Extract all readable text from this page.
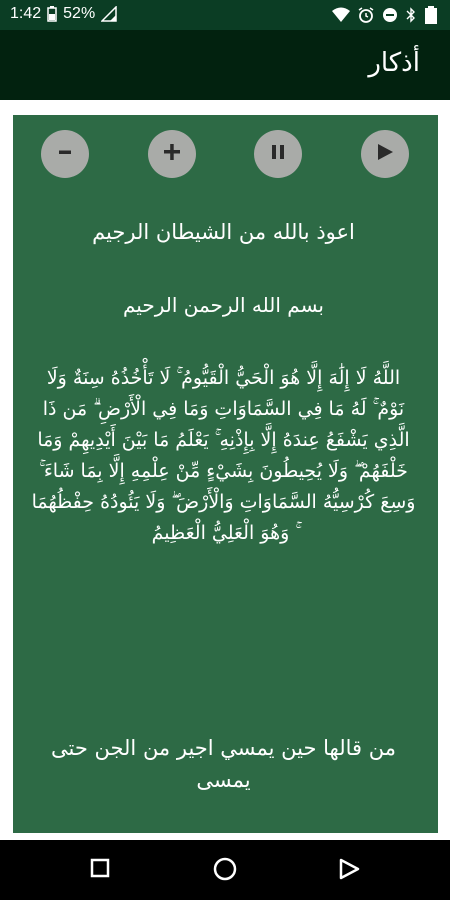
1:42 52%
أذكار
اعوذ بالله من الشيطان الرجيم
بسم الله الرحمن الرحيم
اللَّهُ لَا إِلَٰهَ إِلَّا هُوَ الْحَيُّ الْقَيُّومُ ۚ لَا تَأْخُذُهُ سِنَةٌ وَلَا نَوْمٌ ۚ لَهُ مَا فِي السَّمَاوَاتِ وَمَا فِي الْأَرْضِ ۗ مَن ذَا الَّذِي يَشْفَعُ عِندَهُ إِلَّا بِإِذْنِهِ ۚ يَعْلَمُ مَا بَيْنَ أَيْدِيهِمْ وَمَا خَلْفَهُمْ ۖ وَلَا يُحِيطُونَ بِشَيْءٍ مِّنْ عِلْمِهِ إِلَّا بِمَا شَاءَ ۚ وَسِعَ كُرْسِيُّهُ السَّمَاوَاتِ وَالْأَرْضَ ۖ وَلَا يَئُودُهُ حِفْظُهُمَا ۚ وَهُوَ الْعَلِيُّ الْعَظِيمُ
من قالها حين يمسي اجير من الجن حتى يمسى
